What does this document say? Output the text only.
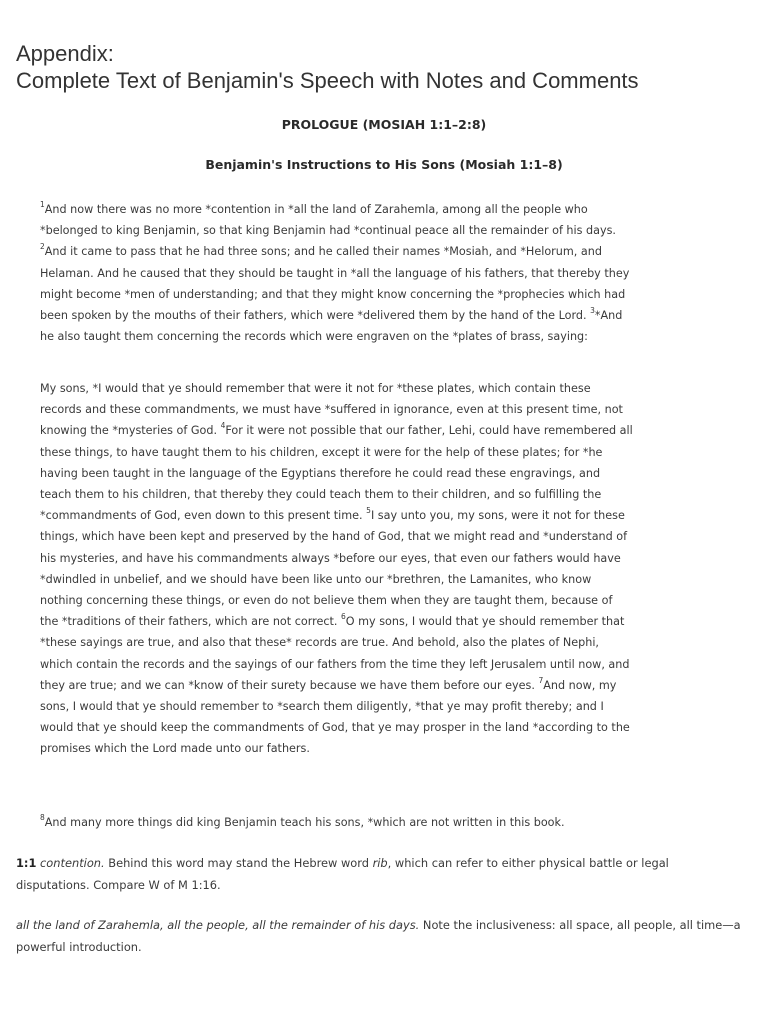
Appendix:
Complete Text of Benjamin's Speech with Notes and Comments
PROLOGUE (MOSIAH 1:1–2:8)
Benjamin's Instructions to His Sons (Mosiah 1:1–8)

$^1$And now there was no more *contention in *all the land of Zarahemla, among all the people who *belonged to king Benjamin, so that king Benjamin had *continual peace all the remainder of his days.
$^2$And it came to pass that he had three sons; and he called their names *Mosiah, and *Helorum, and Helaman. And he caused that they should be taught in *all the language of his fathers, that thereby they might become *men of understanding; and that they might know concerning the *prophecies which had been spoken by the mouths of their fathers, which were *delivered them by the hand of the Lord. $^3$*And he also taught them concerning the records which were engraven on the *plates of brass, saying:

My sons, *I would that ye should remember that were it not for *these plates, which contain these records and these commandments, we must have *suffered in ignorance, even at this present time, not knowing the *mysteries of God. $^4$For it were not possible that our father, Lehi, could have remembered all these things, to have taught them to his children, except it were for the help of these plates; for *he having been taught in the language of the Egyptians therefore he could read these engravings, and teach them to his children, that thereby they could teach them to their children, and so fulfilling the *commandments of God, even down to this present time. $^5$I say unto you, my sons, were it not for these things, which have been kept and preserved by the hand of God, that we might read and *understand of his mysteries, and have his commandments always *before our eyes, that even our fathers would have *dwindled in unbelief, and we should have been like unto our *brethren, the Lamanites, who know nothing concerning these things, or even do not believe them when they are taught them, because of the *traditions of their fathers, which are not correct. $^6$O my sons, I would that ye should remember that *these sayings are true, and also that these* records are true. And behold, also the plates of Nephi, which contain the records and the sayings of our fathers from the time they left Jerusalem until now, and they are true; and we can *know of their surety because we have them before our eyes. $^7$And now, my sons, I would that ye should remember to *search them diligently, *that ye may profit thereby; and I would that ye should keep the commandments of God, that ye may prosper in the land *according to the promises which the Lord made unto our fathers.

$^8$And many more things did king Benjamin teach his sons, *which are not written in this book.

1:1 contention. Behind this word may stand the Hebrew word rib, which can refer to either physical battle or legal disputations. Compare W of M 1:16.

all the land of Zarahemla, all the people, all the remainder of his days. Note the inclusiveness: all space, all people, all time—a powerful introduction.
